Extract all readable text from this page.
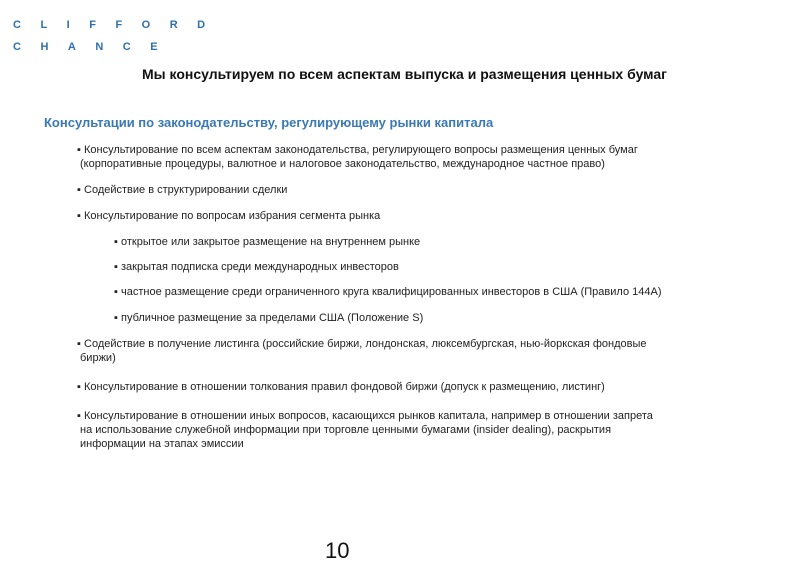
CLIFFORD
CHANCE
Мы консультируем по всем аспектам выпуска и размещения ценных бумаг
Консультации по законодательству, регулирующему рынки капитала
▪ Консультирование по всем аспектам законодательства, регулирующего вопросы размещения ценных бумаг
(корпоративные процедуры, валютное и налоговое законодательство, международное частное право)
▪ Содействие в структурировании сделки
▪ Консультирование по вопросам избрания сегмента рынка
▪ открытое или закрытое размещение на внутреннем рынке
▪ закрытая подписка среди международных инвесторов
▪ частное размещение среди ограниченного круга квалифицированных инвесторов в США (Правило 144А)
▪ публичное размещение за пределами США (Положение S)
▪ Содействие в получение листинга (российские биржи, лондонская, люксембургская, нью-йоркская фондовые
биржи)
▪ Консультирование в отношении толкования правил фондовой биржи (допуск к размещению, листинг)
▪ Консультирование в отношении иных вопросов, касающихся рынков капитала, например в отношении запрета
на использование служебной информации при торговле ценными бумагами (insider dealing), раскрытия
информации на этапах эмиссии
10
